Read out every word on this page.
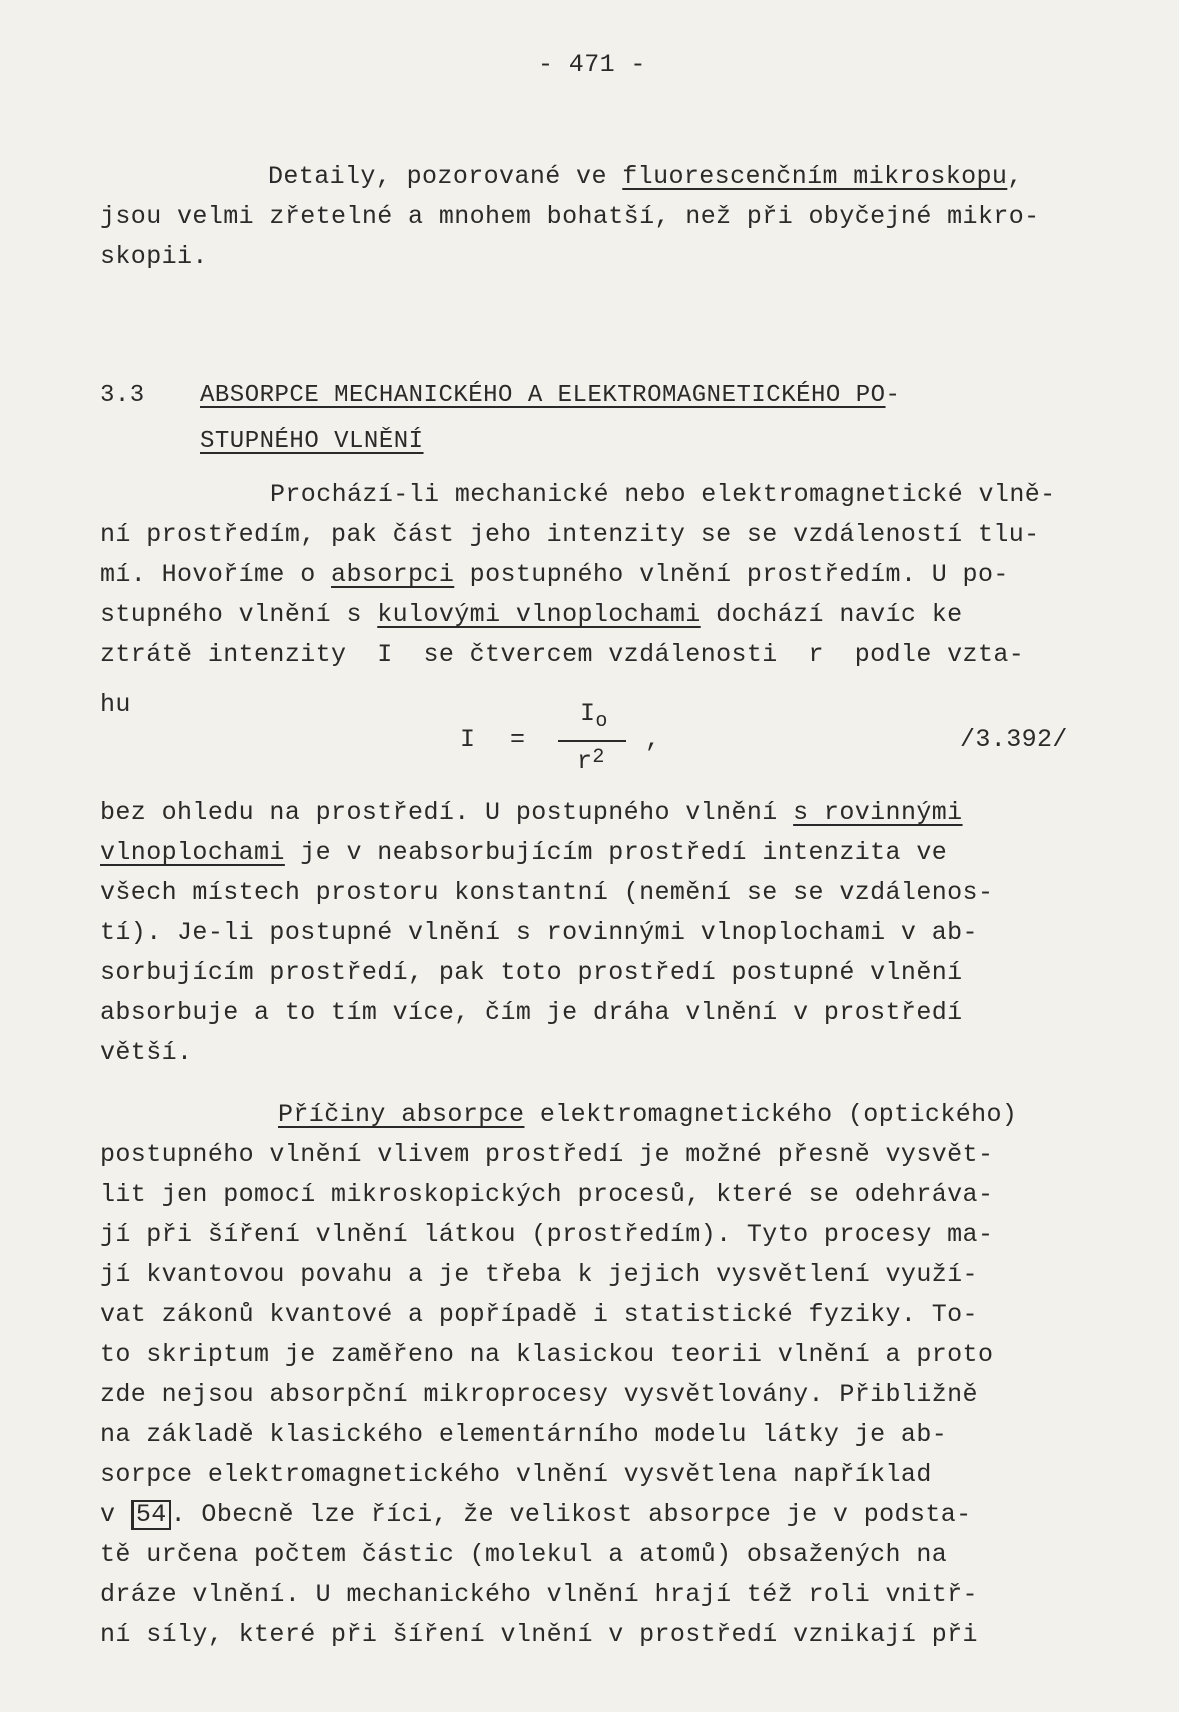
- 471 -
Detaily, pozorované ve fluorescenčním mikroskopu,
jsou velmi zřetelné a mnohem bohatší, než při obyčejné mikro-
skopii.
3.3 ABSORPCE MECHANICKÉHO A ELEKTROMAGNETICKÉHO PO-
STUPNÉHO VLNĚNÍ
Prochází-li mechanické nebo elektromagnetické vlně-
ní prostředím, pak část jeho intenzity se se vzdáleností tlu-
mí. Hovoříme o absorpci postupného vlnění prostředím. U po-
stupného vlnění s kulovými vlnoplochami dochází navíc ke
ztrátě intenzity  I  se čtvercem vzdálenosti  r  podle vzta-
hu
I =
$I_o$
$r^2$
,	/3.392/
bez ohledu na prostředí. U postupného vlnění s rovinnými
vlnoplochami je v neabsorbujícím prostředí intenzita ve
všech místech prostoru konstantní (nemění se se vzdálenos-
tí). Je-li postupné vlnění s rovinnými vlnoplochami v ab-
sorbujícím prostředí, pak toto prostředí postupné vlnění
absorbuje a to tím více, čím je dráha vlnění v prostředí
větší.
Příčiny absorpce elektromagnetického (optického)
postupného vlnění vlivem prostředí je možné přesně vysvět-
lit jen pomocí mikroskopických procesů, které se odehráva-
jí při šíření vlnění látkou (prostředím). Tyto procesy ma-
jí kvantovou povahu a je třeba k jejich vysvětlení využí-
vat zákonů kvantové a popřípadě i statistické fyziky. To-
to skriptum je zaměřeno na klasickou teorii vlnění a proto
zde nejsou absorpční mikroprocesy vysvětlovány. Přibližně
na základě klasického elementárního modelu látky je ab-
sorpce elektromagnetického vlnění vysvětlena například
v 54 . Obecně lze říci, že velikost absorpce je v podsta-
tě určena počtem částic (molekul a atomů) obsažených na
dráze vlnění. U mechanického vlnění hrají též roli vnitř-
ní síly, které při šíření vlnění v prostředí vznikají při
